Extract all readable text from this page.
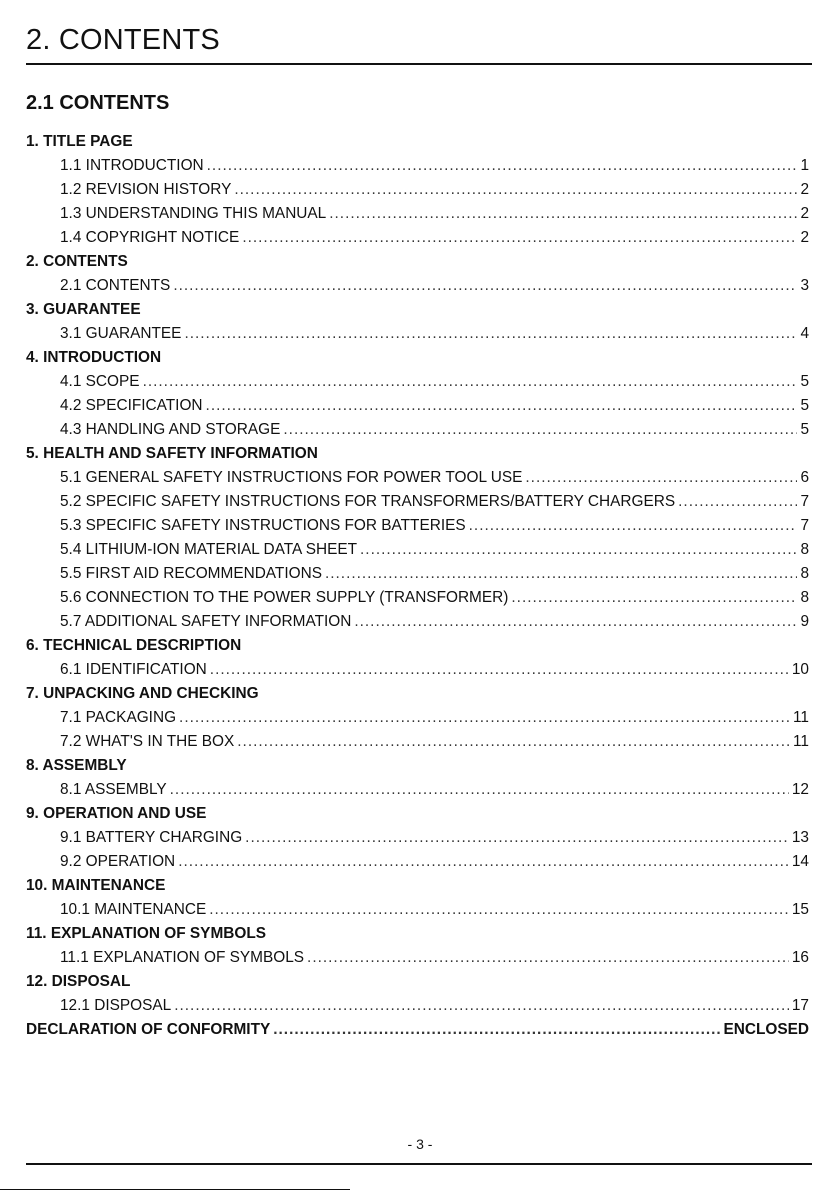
2. CONTENTS
2.1 CONTENTS
1. TITLE PAGE
1.1 INTRODUCTION .....	1
1.2 REVISION HISTORY .....	2
1.3 UNDERSTANDING THIS MANUAL .....	2
1.4 COPYRIGHT NOTICE .....	2
2. CONTENTS
2.1 CONTENTS .....	3
3. GUARANTEE
3.1 GUARANTEE .....	4
4. INTRODUCTION
4.1 SCOPE .....	5
4.2 SPECIFICATION .....	5
4.3 HANDLING AND STORAGE .....	5
5. HEALTH AND SAFETY INFORMATION
5.1 GENERAL SAFETY INSTRUCTIONS FOR POWER TOOL USE .....	6
5.2 SPECIFIC SAFETY INSTRUCTIONS FOR TRANSFORMERS/BATTERY CHARGERS .....	7
5.3 SPECIFIC SAFETY INSTRUCTIONS FOR BATTERIES .....	7
5.4 LITHIUM-ION MATERIAL DATA SHEET .....	8
5.5 FIRST AID RECOMMENDATIONS .....	8
5.6 CONNECTION TO THE POWER SUPPLY (TRANSFORMER) .....	8
5.7 ADDITIONAL SAFETY INFORMATION .....	9
6. TECHNICAL DESCRIPTION
6.1 IDENTIFICATION .....	10
7. UNPACKING AND CHECKING
7.1 PACKAGING .....	11
7.2 WHAT'S IN THE BOX .....	11
8. ASSEMBLY
8.1 ASSEMBLY .....	12
9. OPERATION AND USE
9.1 BATTERY CHARGING .....	13
9.2 OPERATION .....	14
10. MAINTENANCE
10.1 MAINTENANCE .....	15
11. EXPLANATION OF SYMBOLS
11.1 EXPLANATION OF SYMBOLS .....	16
12. DISPOSAL
12.1 DISPOSAL .....	17
DECLARATION OF CONFORMITY .....	ENCLOSED
- 3 -
